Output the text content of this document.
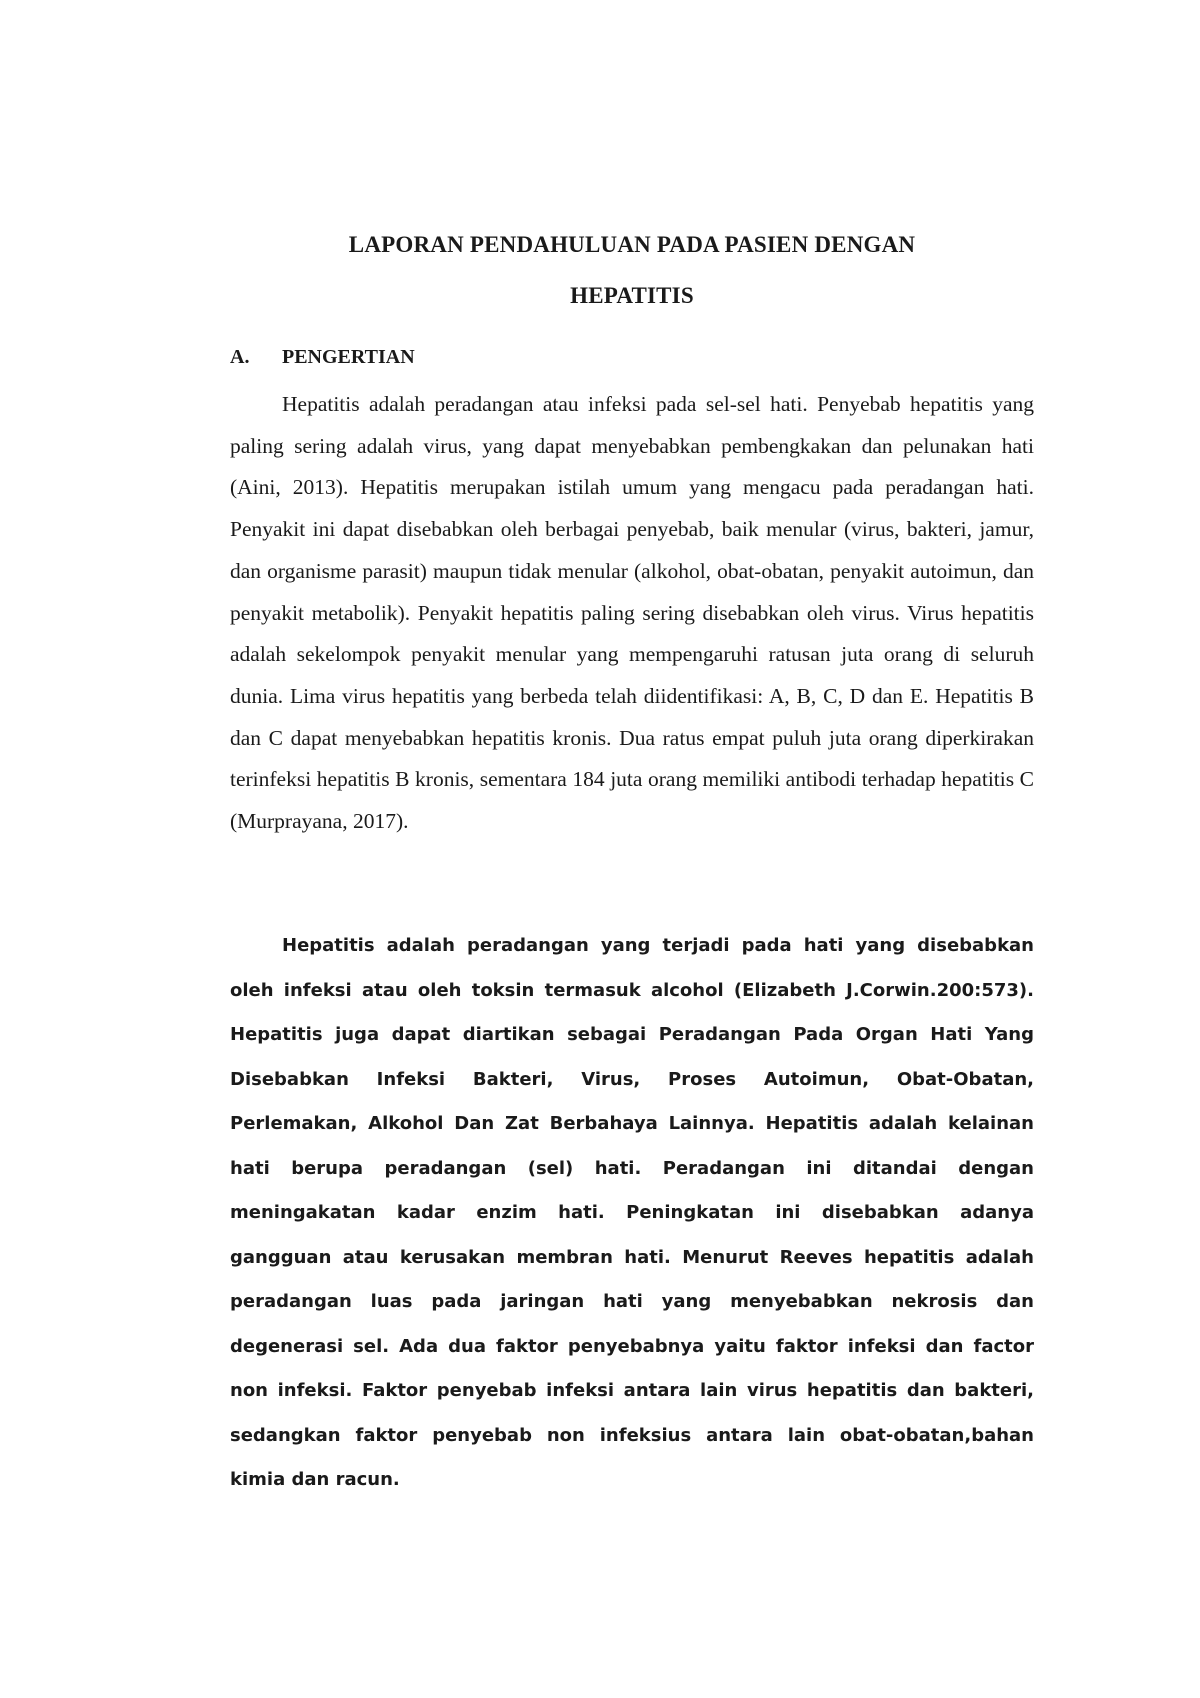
LAPORAN PENDAHULUAN PADA PASIEN DENGAN
HEPATITIS
A. PENGERTIAN

Hepatitis adalah peradangan atau infeksi pada sel-sel hati. Penyebab hepatitis yang paling sering adalah virus, yang dapat menyebabkan pembengkakan dan pelunakan hati (Aini, 2013). Hepatitis merupakan istilah umum yang mengacu pada peradangan hati. Penyakit ini dapat disebabkan oleh berbagai penyebab, baik menular (virus, bakteri, jamur, dan organisme parasit) maupun tidak menular (alkohol, obat-obatan, penyakit autoimun, dan penyakit metabolik). Penyakit hepatitis paling sering disebabkan oleh virus. Virus hepatitis adalah sekelompok penyakit menular yang mempengaruhi ratusan juta orang di seluruh dunia. Lima virus hepatitis yang berbeda telah diidentifikasi: A, B, C, D dan E. Hepatitis B dan C dapat menyebabkan hepatitis kronis. Dua ratus empat puluh juta orang diperkirakan terinfeksi hepatitis B kronis, sementara 184 juta orang memiliki antibodi terhadap hepatitis C (Murprayana, 2017).

Hepatitis adalah peradangan yang terjadi pada hati yang disebabkan oleh infeksi atau oleh toksin termasuk alcohol (Elizabeth J.Corwin.200:573). Hepatitis juga dapat diartikan sebagai Peradangan Pada Organ Hati Yang Disebabkan Infeksi Bakteri, Virus, Proses Autoimun, Obat-Obatan, Perlemakan, Alkohol Dan Zat Berbahaya Lainnya. Hepatitis adalah kelainan hati berupa peradangan (sel) hati. Peradangan ini ditandai dengan meningakatan kadar enzim hati. Peningkatan ini disebabkan adanya gangguan atau kerusakan membran hati. Menurut Reeves hepatitis adalah peradangan luas pada jaringan hati yang menyebabkan nekrosis dan degenerasi sel. Ada dua faktor penyebabnya yaitu faktor infeksi dan factor non infeksi. Faktor penyebab infeksi antara lain virus hepatitis dan bakteri, sedangkan faktor penyebab non infeksius antara lain obat-obatan,bahan kimia dan racun.
